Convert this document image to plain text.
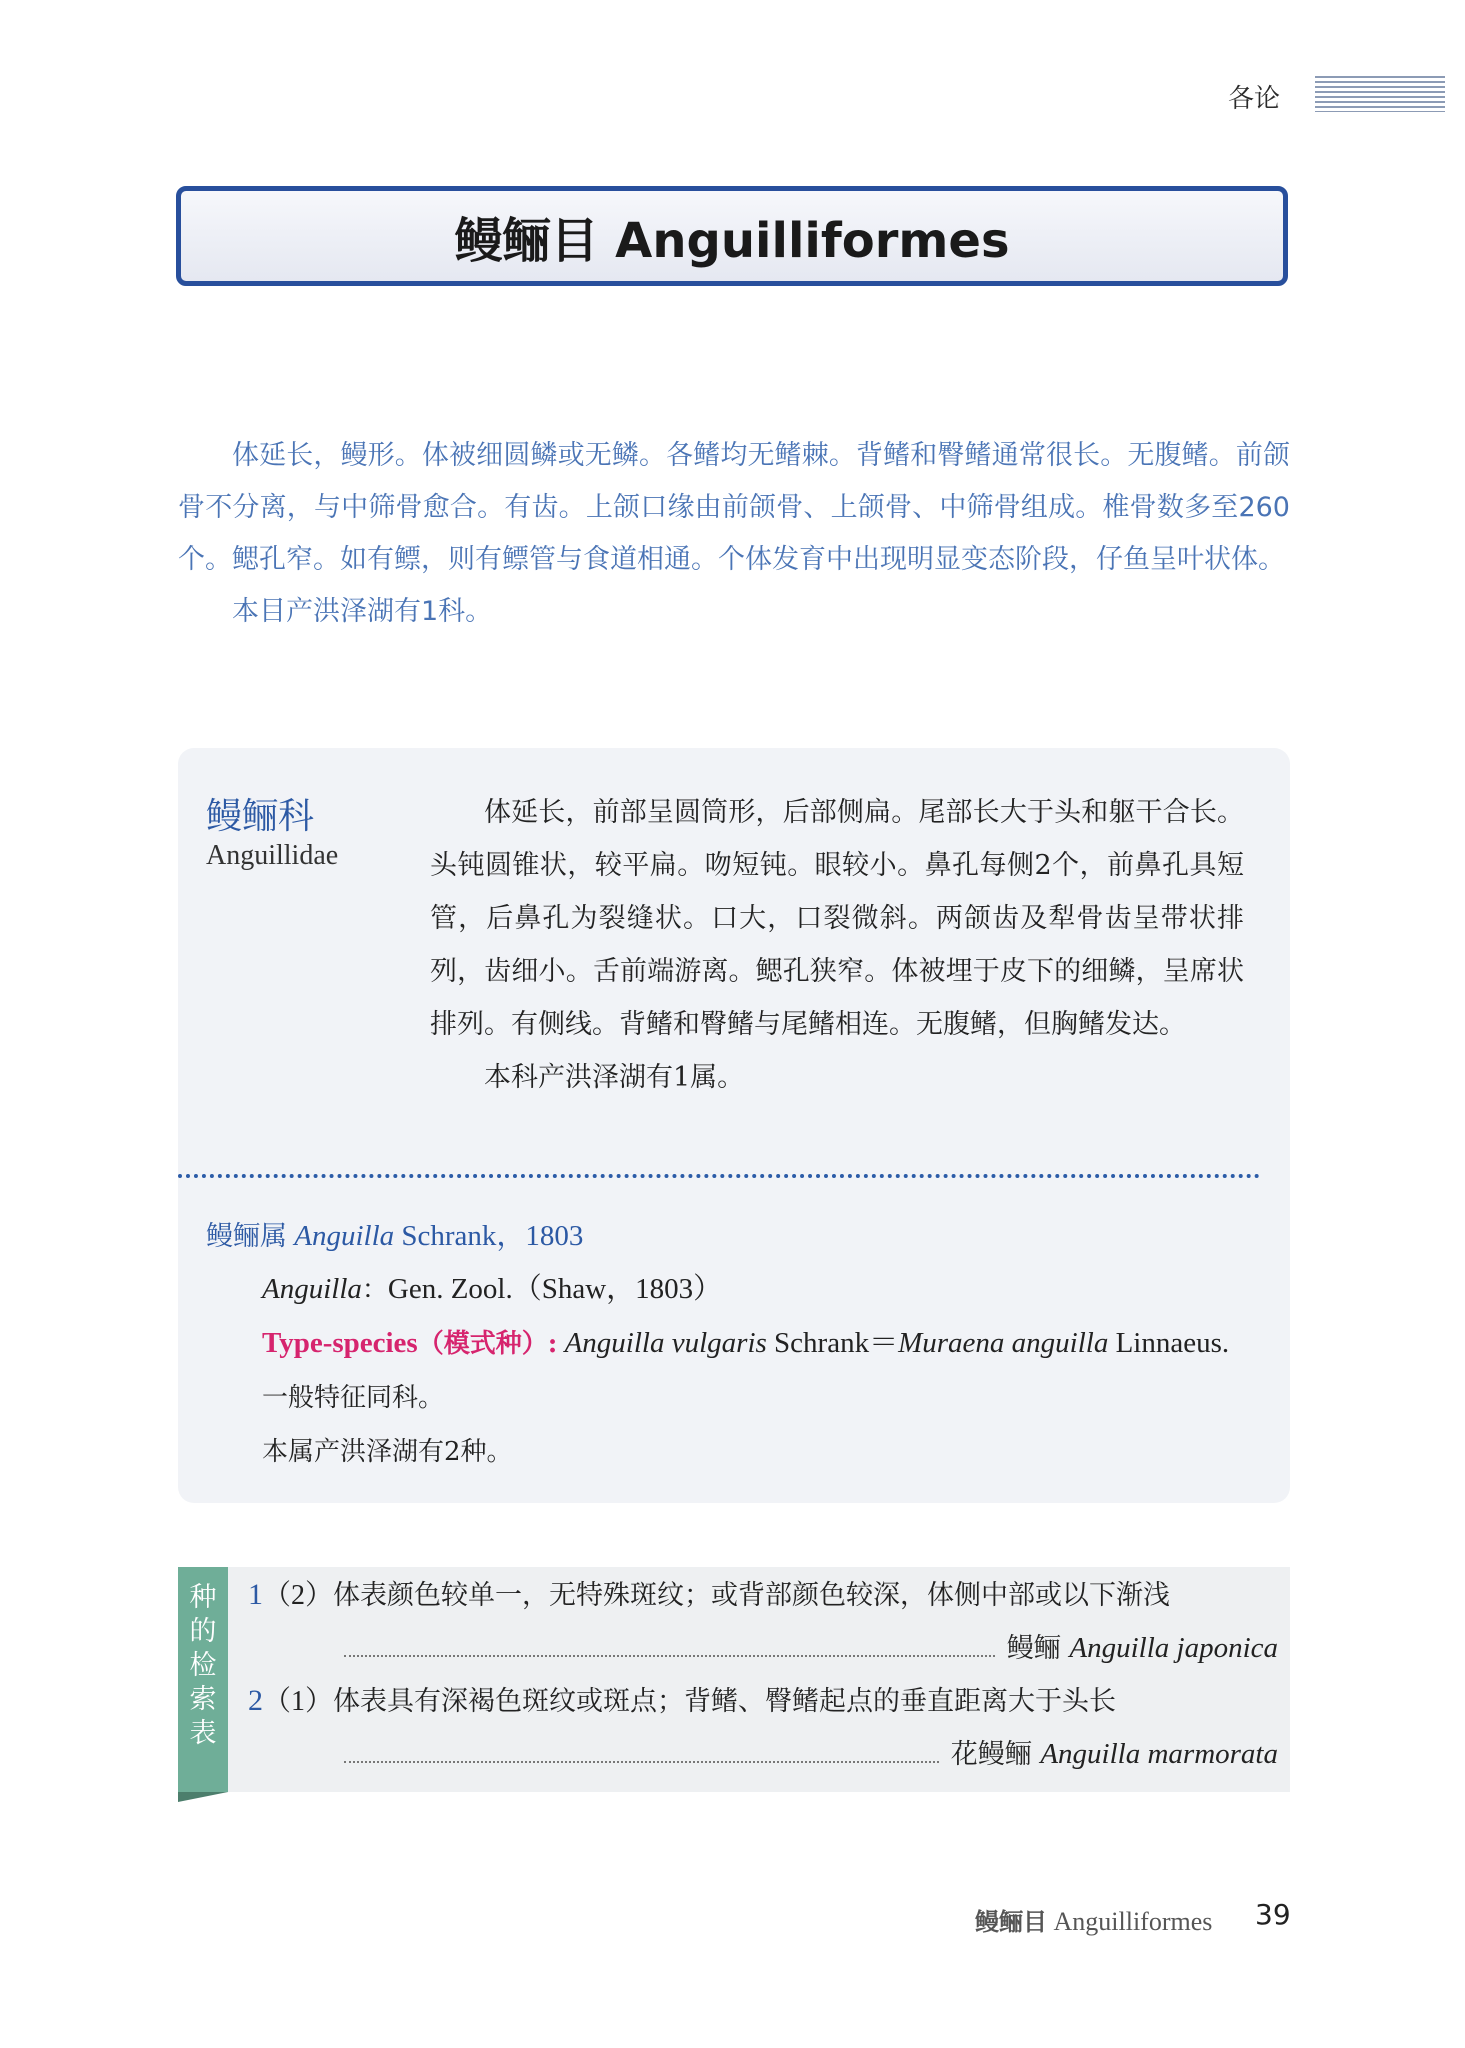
各论
鳗鲡目 Anguilliformes

体延长，鳗形。体被细圆鳞或无鳞。各鳍均无鳍棘。背鳍和臀鳍通常很长。无腹鳍。前颌骨不分离，与中筛骨愈合。有齿。上颌口缘由前颌骨、上颌骨、中筛骨组成。椎骨数多至260个。鳃孔窄。如有鳔，则有鳔管与食道相通。个体发育中出现明显变态阶段，仔鱼呈叶状体。

本目产洪泽湖有1科。

鳗鲡科
Anguillidae

体延长，前部呈圆筒形，后部侧扁。尾部长大于头和躯干合长。头钝圆锥状，较平扁。吻短钝。眼较小。鼻孔每侧2个，前鼻孔具短管，后鼻孔为裂缝状。口大，口裂微斜。两颌齿及犁骨齿呈带状排列，齿细小。舌前端游离。鳃孔狭窄。体被埋于皮下的细鳞，呈席状排列。有侧线。背鳍和臀鳍与尾鳍相连。无腹鳍，但胸鳍发达。

本科产洪泽湖有1属。

鳗鲡属 Anguilla Schrank，1803
Anguilla：Gen. Zool.（Shaw，1803）
Type-species（模式种）: Anguilla vulgaris Schrank＝Muraena anguilla Linnaeus.
一般特征同科。
本属产洪泽湖有2种。
种
的
检
索
表
1（2）体表颜色较单一，无特殊斑纹；或背部颜色较深，体侧中部或以下渐浅
鳗鲡 Anguilla japonica
2（1）体表具有深褐色斑纹或斑点；背鳍、臀鳍起点的垂直距离大于头长
花鳗鲡 Anguilla marmorata
鳗鲡目 Anguilliformes 39
